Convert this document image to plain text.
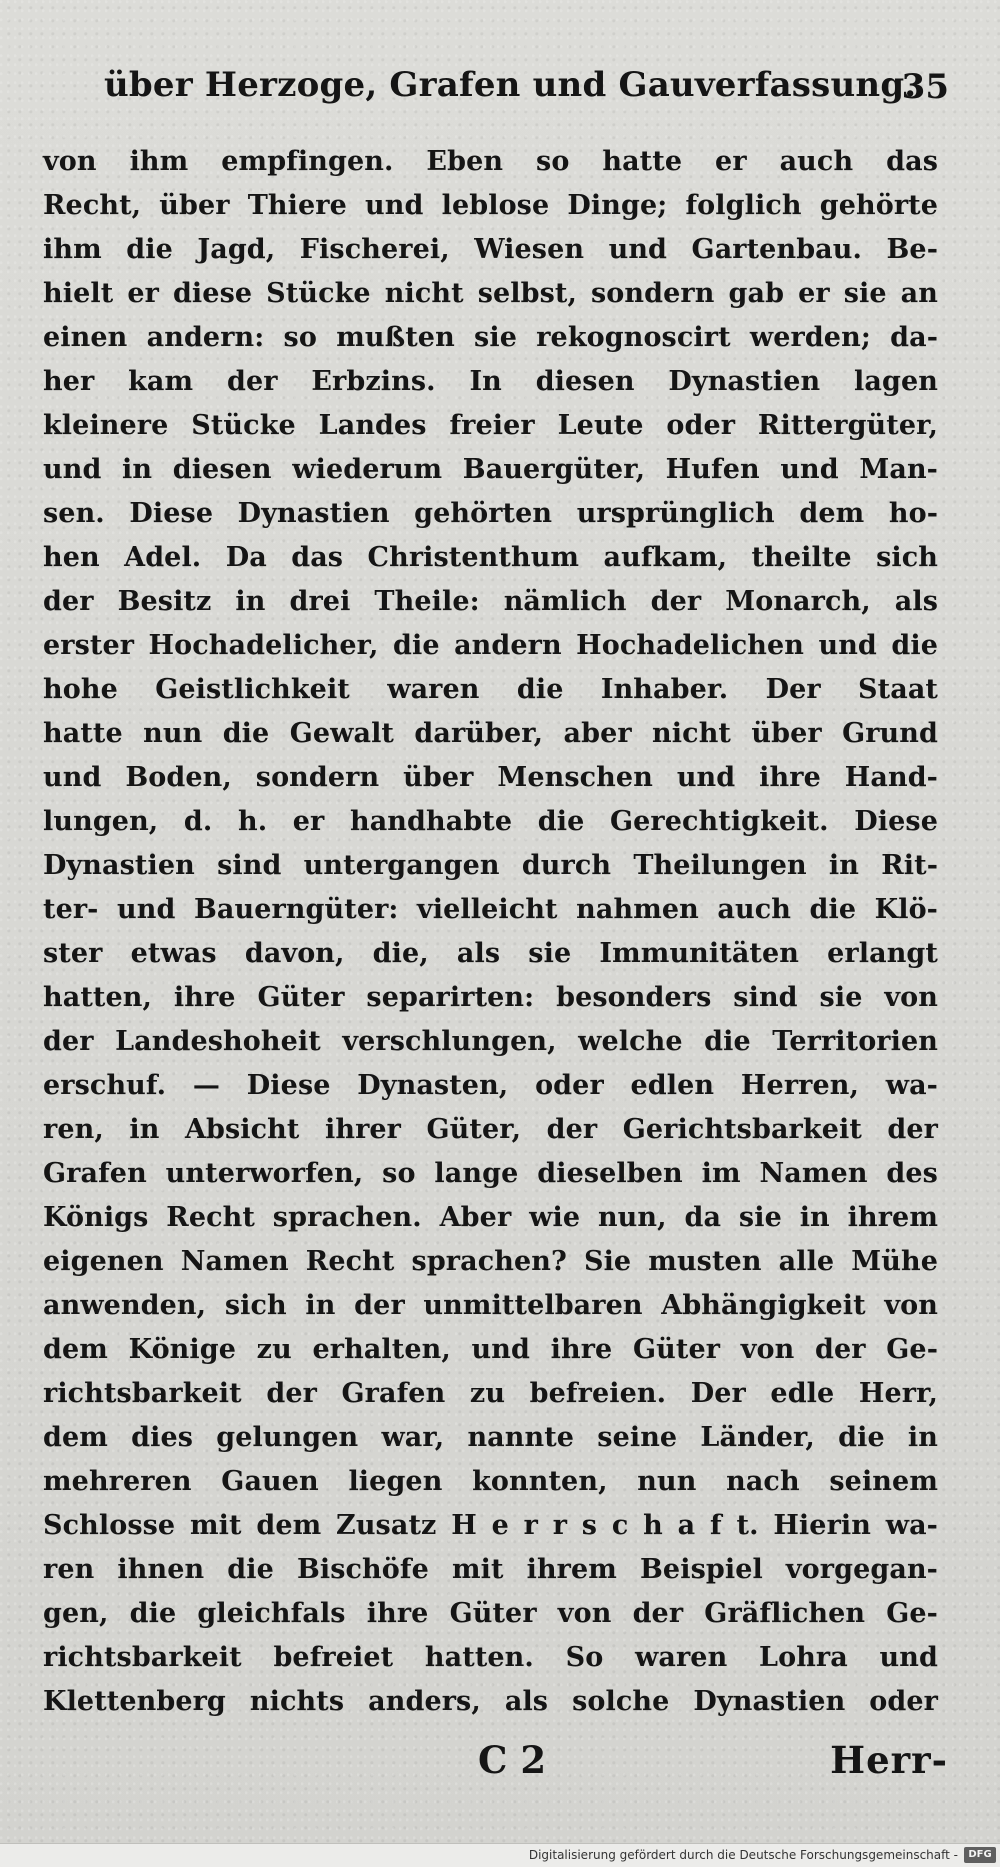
über Herzoge, Grafen und Gauverfassung.
35
von ihm empfingen. Eben so hatte er auch das
Recht, über Thiere und leblose Dinge; folglich gehörte
ihm die Jagd, Fischerei, Wiesen und Gartenbau. Be-
hielt er diese Stücke nicht selbst, sondern gab er sie an
einen andern: so mußten sie rekognoscirt werden; da-
her kam der Erbzins. In diesen Dynastien lagen
kleinere Stücke Landes freier Leute oder Rittergüter,
und in diesen wiederum Bauergüter, Hufen und Man-
sen. Diese Dynastien gehörten ursprünglich dem ho-
hen Adel. Da das Christenthum aufkam, theilte sich
der Besitz in drei Theile: nämlich der Monarch, als
erster Hochadelicher, die andern Hochadelichen und die
hohe Geistlichkeit waren die Inhaber. Der Staat
hatte nun die Gewalt darüber, aber nicht über Grund
und Boden, sondern über Menschen und ihre Hand-
lungen, d. h. er handhabte die Gerechtigkeit. Diese
Dynastien sind untergangen durch Theilungen in Rit-
ter- und Bauerngüter: vielleicht nahmen auch die Klö-
ster etwas davon, die, als sie Immunitäten erlangt
hatten, ihre Güter separirten: besonders sind sie von
der Landeshoheit verschlungen, welche die Territorien
erschuf. — Diese Dynasten, oder edlen Herren, wa-
ren, in Absicht ihrer Güter, der Gerichtsbarkeit der
Grafen unterworfen, so lange dieselben im Namen des
Königs Recht sprachen. Aber wie nun, da sie in ihrem
eigenen Namen Recht sprachen? Sie musten alle Mühe
anwenden, sich in der unmittelbaren Abhängigkeit von
dem Könige zu erhalten, und ihre Güter von der Ge-
richtsbarkeit der Grafen zu befreien. Der edle Herr,
dem dies gelungen war, nannte seine Länder, die in
mehreren Gauen liegen konnten, nun nach seinem
Schlosse mit dem Zusatz H e r r s c h a f t. Hierin wa-
ren ihnen die Bischöfe mit ihrem Beispiel vorgegan-
gen, die gleichfals ihre Güter von der Gräflichen Ge-
richtsbarkeit befreiet hatten. So waren Lohra und
Klettenberg nichts anders, als solche Dynastien oder
C 2	Herr-
Digitalisierung gefördert durch die Deutsche Forschungsgemeinschaft -	DFG
